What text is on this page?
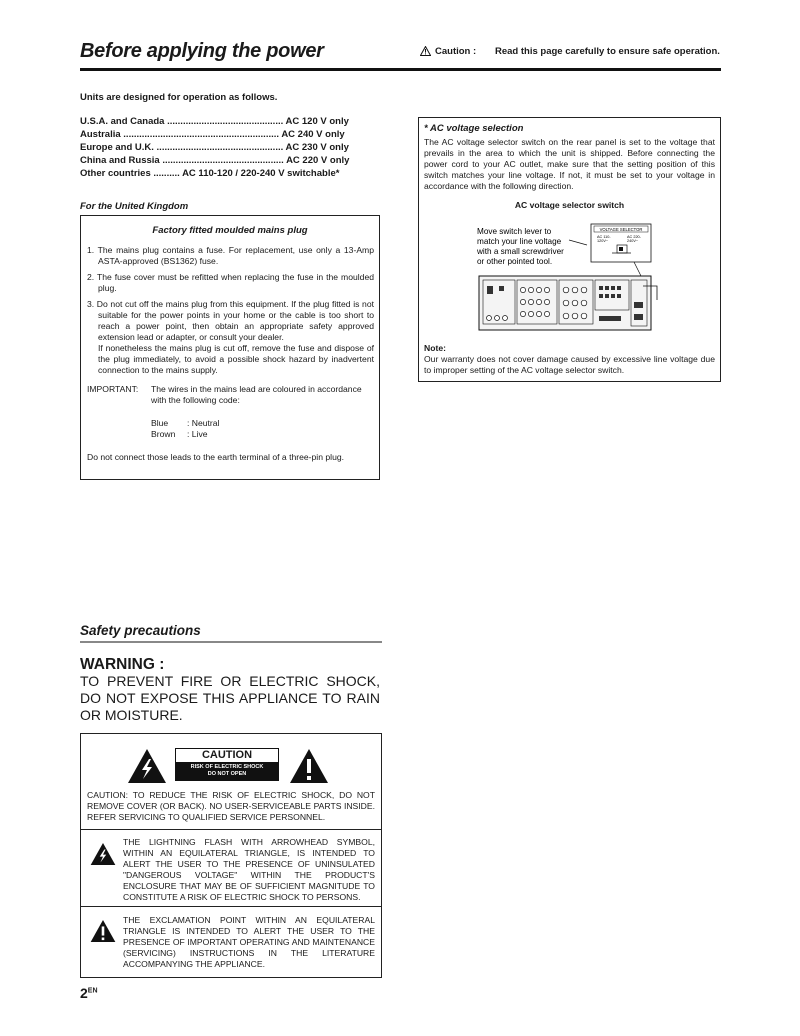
Before applying the power	Caution :	Read this page carefully to ensure safe operation.
Units are designed for operation as follows.
U.S.A. and Canada ............................................ AC 120 V only
Australia ........................................................... AC 240 V only
Europe and U.K. ................................................ AC 230 V only
China and Russia .............................................. AC 220 V only
Other countries .......... AC 110-120 / 220-240 V switchable*
For the United Kingdom
Factory fitted moulded mains plug
1. The mains plug contains a fuse. For replacement, use only a 13-Amp ASTA-approved (BS1362) fuse.
2. The fuse cover must be refitted when replacing the fuse in the moulded plug.
3. Do not cut off the mains plug from this equipment. If the plug fitted is not suitable for the power points in your home or the cable is too short to reach a power point, then obtain an appropriate safety approved extension lead or adapter, or consult your dealer.
If nonetheless the mains plug is cut off, remove the fuse and dispose of the plug immediately, to avoid a possible shock hazard by inadvertent connection to the mains supply.
IMPORTANT:	The wires in the mains lead are coloured in accordance with the following code:
Blue	: Neutral
Brown	: Live
Do not connect those leads to the earth terminal of a three-pin plug.
* AC voltage selection
The AC voltage selector switch on the rear panel is set to the voltage that prevails in the area to which the unit is shipped. Before connecting the power cord to your AC outlet, make sure that the setting position of this switch matches your line voltage. If not, it must be set to your voltage in accordance with the following direction.
AC voltage selector switch
Move switch lever to
match your line voltage
with a small screwdriver
or other pointed tool.
VOLTAGE SELECTOR
AC 110-
120V~
AC 220-
240V~
Note:
Our warranty does not cover damage caused by excessive line voltage due to improper setting of the AC voltage selector switch.
Safety precautions
WARNING :
TO PREVENT FIRE OR ELECTRIC SHOCK, DO NOT EXPOSE THIS APPLIANCE TO RAIN OR MOISTURE.
CAUTION
RISK OF ELECTRIC SHOCK
DO NOT OPEN
CAUTION: TO REDUCE THE RISK OF ELECTRIC SHOCK, DO NOT REMOVE COVER (OR BACK). NO USER-SERVICEABLE PARTS INSIDE. REFER SERVICING TO QUALIFIED SERVICE PERSONNEL.
THE LIGHTNING FLASH WITH ARROWHEAD SYMBOL, WITHIN AN EQUILATERAL TRIANGLE, IS INTENDED TO ALERT THE USER TO THE PRESENCE OF UNINSULATED "DANGEROUS VOLTAGE" WITHIN THE PRODUCT'S ENCLOSURE THAT MAY BE OF SUFFICIENT MAGNITUDE TO CONSTITUTE A RISK OF ELECTRIC SHOCK TO PERSONS.
THE EXCLAMATION POINT WITHIN AN EQUILATERAL TRIANGLE IS INTENDED TO ALERT THE USER TO THE PRESENCE OF IMPORTANT OPERATING AND MAINTENANCE (SERVICING) INSTRUCTIONS IN THE LITERATURE ACCOMPANYING THE APPLIANCE.
$2^{EN}$
